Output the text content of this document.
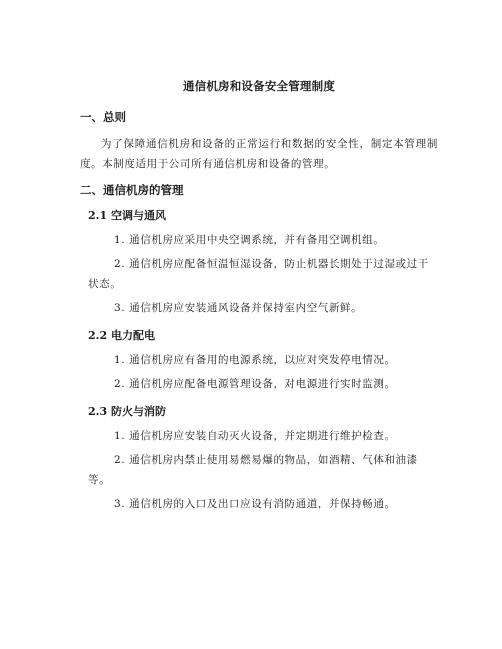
通信机房和设备安全管理制度
一、总则
为了保障通信机房和设备的正常运行和数据的安全性，制定本管理制度。本制度适用于公司所有通信机房和设备的管理。
二、通信机房的管理
2.1 空调与通风
1. 通信机房应采用中央空调系统，并有备用空调机组。
2. 通信机房应配备恒温恒湿设备，防止机器长期处于过湿或过干状态。
3. 通信机房应安装通风设备并保持室内空气新鲜。
2.2 电力配电
1. 通信机房应有备用的电源系统，以应对突发停电情况。
2. 通信机房应配备电源管理设备，对电源进行实时监测。
2.3 防火与消防
1. 通信机房应安装自动灭火设备，并定期进行维护检查。
2. 通信机房内禁止使用易燃易爆的物品，如酒精、气体和油漆等。
3. 通信机房的入口及出口应设有消防通道，并保持畅通。
